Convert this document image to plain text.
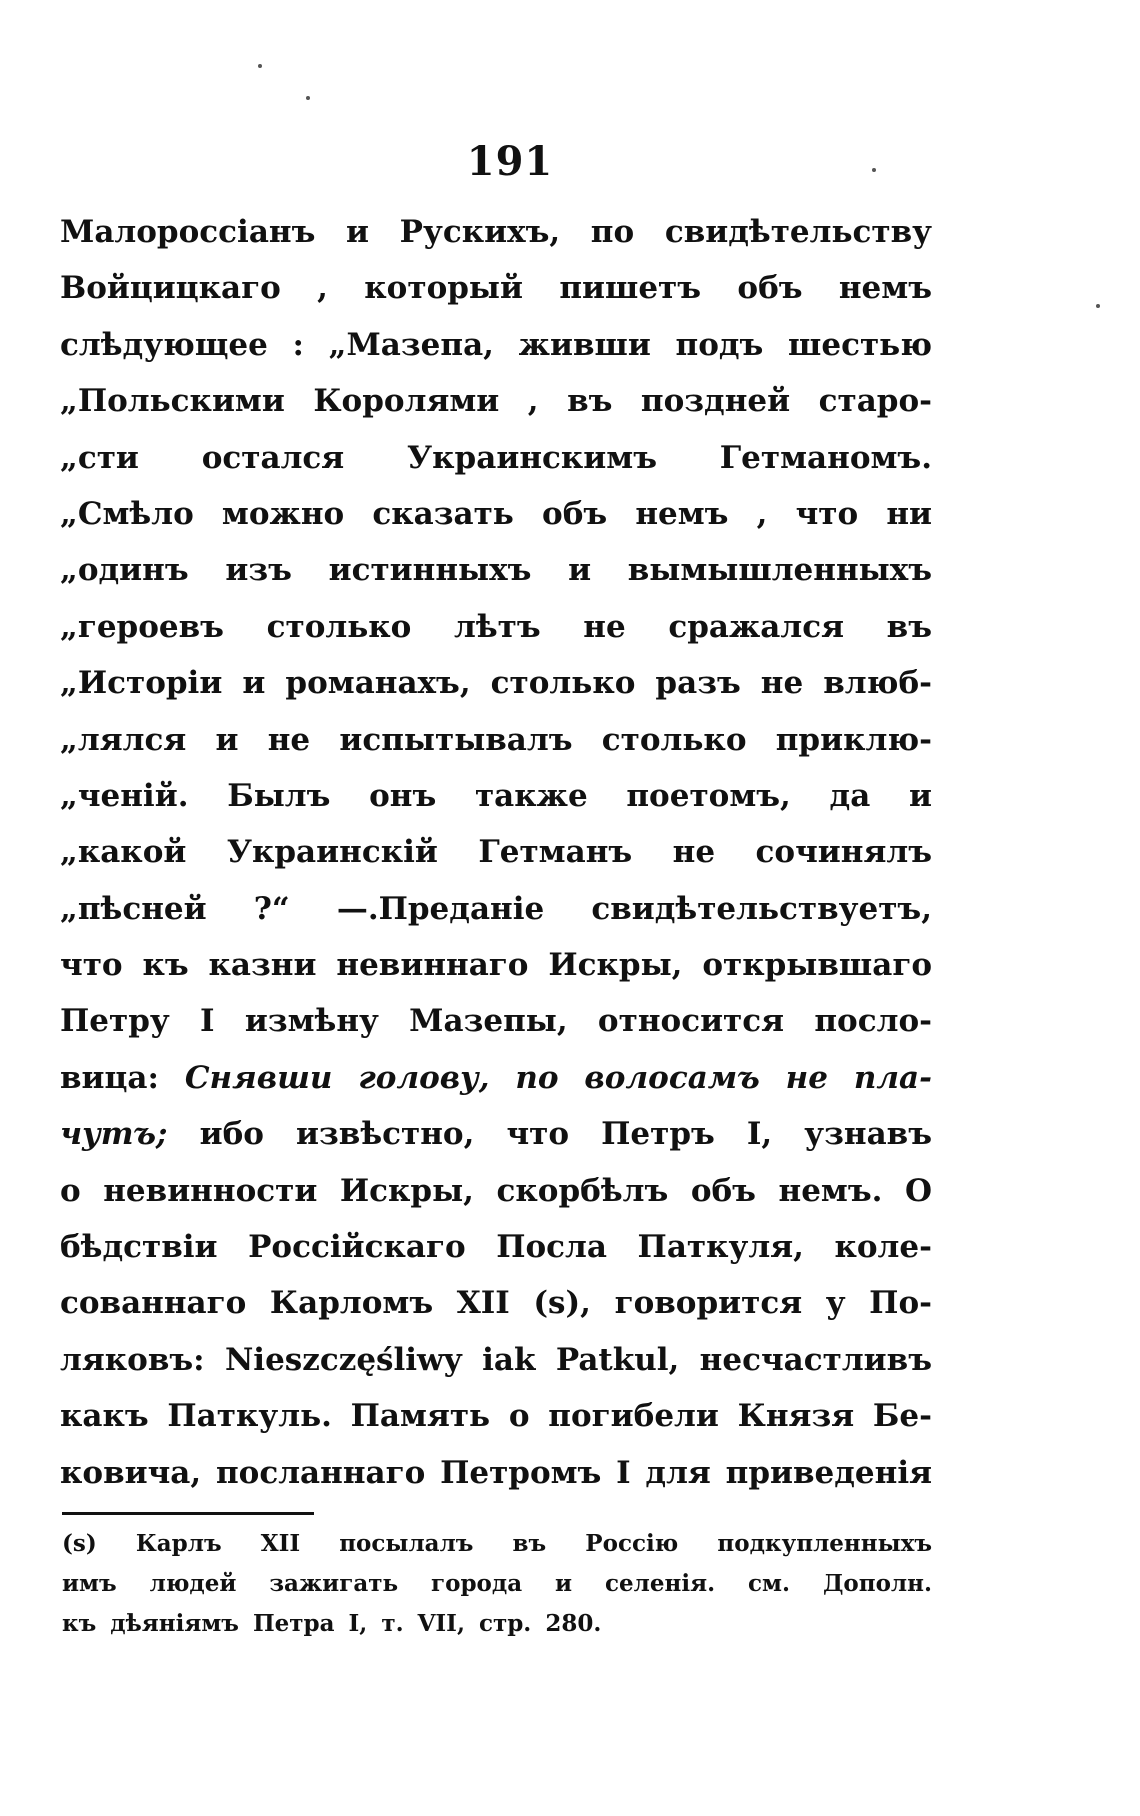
191
Малороссіанъ и Рускихъ, по свидѣтельству
Войцицкаго , который пишетъ объ немъ
слѣдующее : „Мазепа, живши подъ шестью
„Польскими Королями , въ поздней старо-
„сти остался Украинскимъ Гетманомъ.
„Смѣло можно сказать объ немъ , что ни
„одинъ изъ истинныхъ и вымышленныхъ
„героевъ столько лѣтъ не сражался въ
„Исторіи и романахъ, столько разъ не влюб-
„лялся и не испытывалъ столько приклю-
„ченій. Былъ онъ также поетомъ, да и
„какой Украинскій Гетманъ не сочинялъ
„пѣсней ?“ —.Преданіе свидѣтельствуетъ,
что къ казни невиннаго Искры, открывшаго
Петру I измѣну Мазепы, относится посло-
вица: Снявши голову, по волосамъ не пла-
чутъ; ибо извѣстно, что Петръ I, узнавъ
о невинности Искры, скорбѣлъ объ немъ. О
бѣдствіи Россійскаго Посла Паткуля, коле-
сованнаго Карломъ XII (s), говорится у По-
ляковъ: Nieszczęśliwy iak Patkul, несчастливъ
какъ Паткуль. Память о погибели Князя Бе-
ковича, посланнаго Петромъ I для приведенія
(s) Карлъ XII посылалъ въ Россію подкупленныхъ
имъ людей зажигать города и селенія. см. Дополн.
къ дѣяніямъ Петра I, т. VII, стр. 280.
